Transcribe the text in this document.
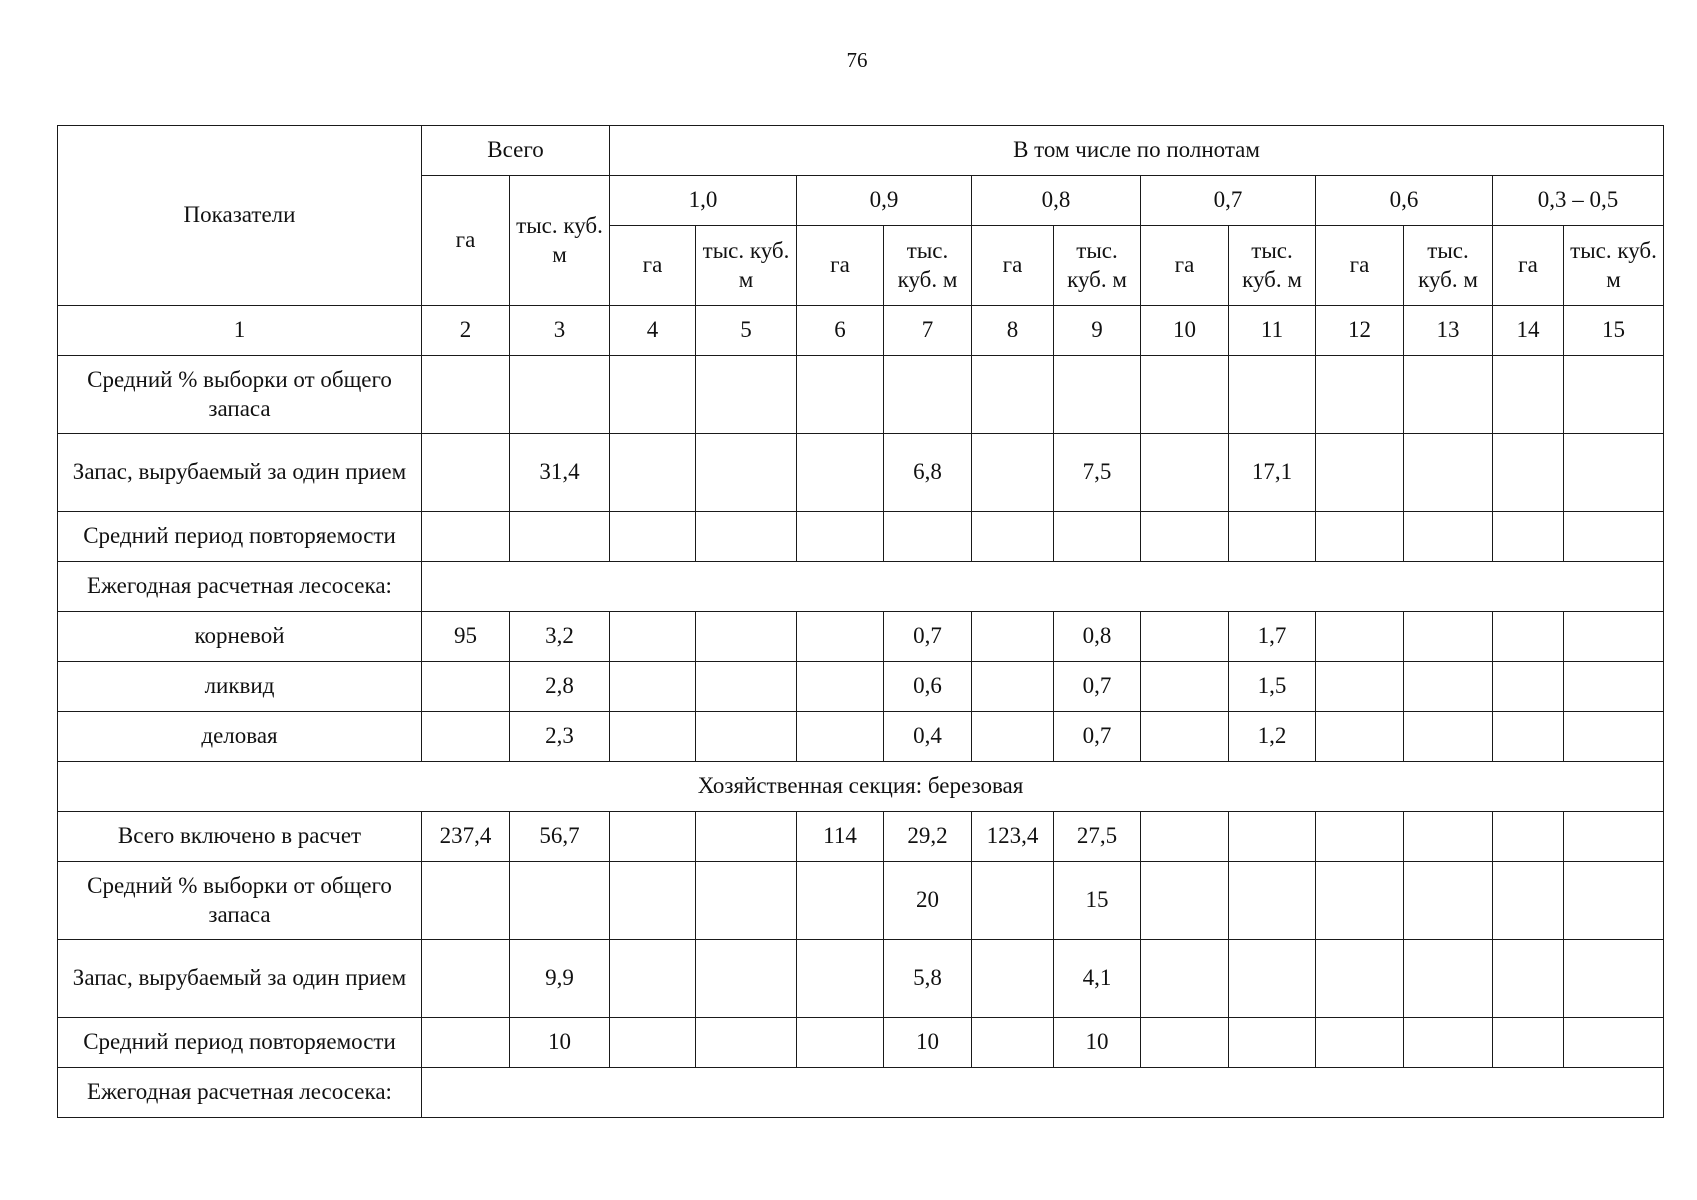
76
Показатели	Всего		В том числе по полнотам											
	га	тыс. куб. м	1,0		0,9		0,8		0,7		0,6		0,3 – 0,5	
			га	тыс. куб. м	га	тыс. куб. м	га	тыс. куб. м	га	тыс. куб. м	га	тыс. куб. м	га	тыс. куб. м
1	2	3	4	5	6	7	8	9	10	11	12	13	14	15
Средний % выборки от общего запаса														
Запас, вырубаемый за один прием		31,4				6,8		7,5		17,1				
Средний период повторяемости														
Ежегодная расчетная лесосека:														
корневой	95	3,2				0,7		0,8		1,7				
ликвид		2,8				0,6		0,7		1,5				
деловая		2,3				0,4		0,7		1,2				
Хозяйственная секция: березовая														
Всего включено в расчет	237,4	56,7			114	29,2	123,4	27,5						
Средний % выборки от общего запаса						20		15						
Запас, вырубаемый за один прием		9,9				5,8		4,1						
Средний период повторяемости		10				10		10						
Ежегодная расчетная лесосека:														
